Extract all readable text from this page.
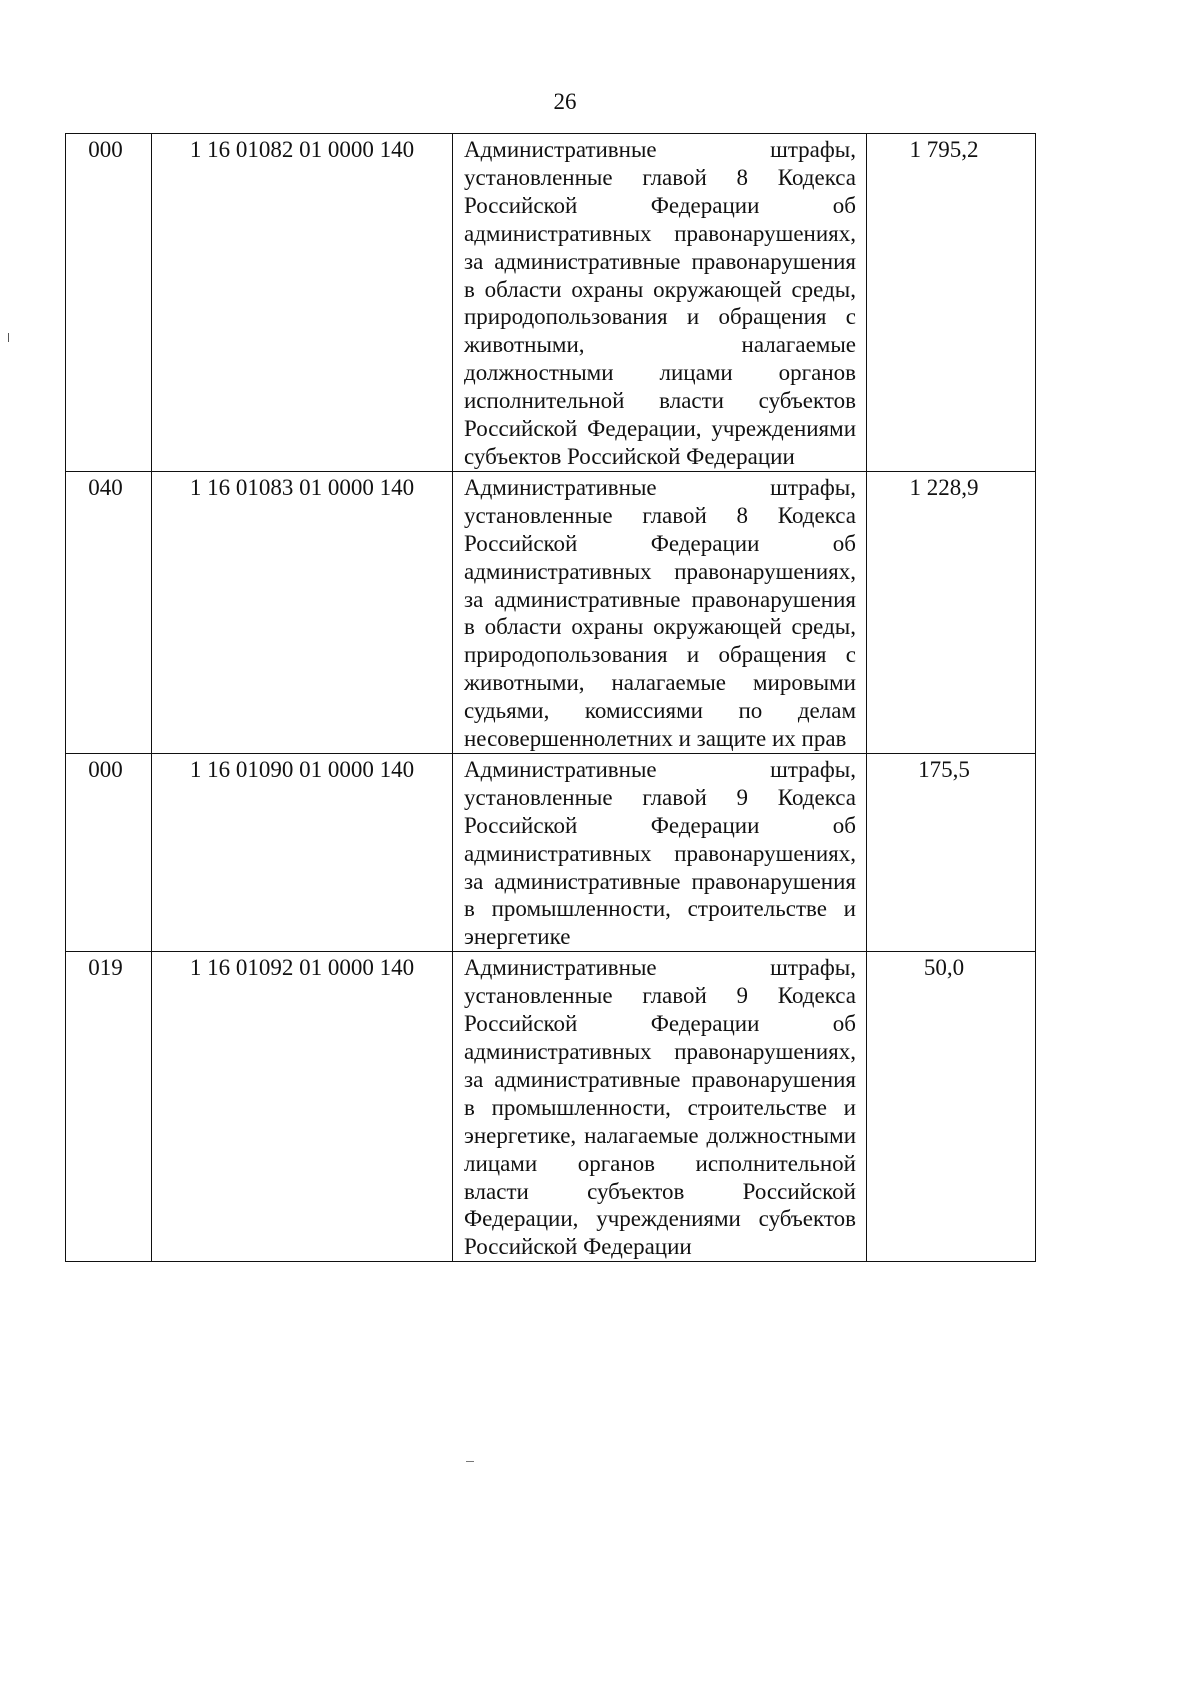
26
000	1 16 01082 01 0000 140	Административные штрафы, установленные главой 8 Кодекса Российской Федерации об административных правонарушениях, за административные правонарушения в области охраны окружающей среды, природопользования и обращения с животными, налагаемые должностными лицами органов исполнительной власти субъектов Российской Федерации, учреждениями субъектов Российской Федерации	1 795,2
040	1 16 01083 01 0000 140	Административные штрафы, установленные главой 8 Кодекса Российской Федерации об административных правонарушениях, за административные правонарушения в области охраны окружающей среды, природопользования и обращения с животными, налагаемые мировыми судьями, комиссиями по делам несовершеннолетних и защите их прав	1 228,9
000	1 16 01090 01 0000 140	Административные штрафы, установленные главой 9 Кодекса Российской Федерации об административных правонарушениях, за административные правонарушения в промышленности, строительстве и энергетике	175,5
019	1 16 01092 01 0000 140	Административные штрафы, установленные главой 9 Кодекса Российской Федерации об административных правонарушениях, за административные правонарушения в промышленности, строительстве и энергетике, налагаемые должностными лицами органов исполнительной власти субъектов Российской Федерации, учреждениями субъектов Российской Федерации	50,0
